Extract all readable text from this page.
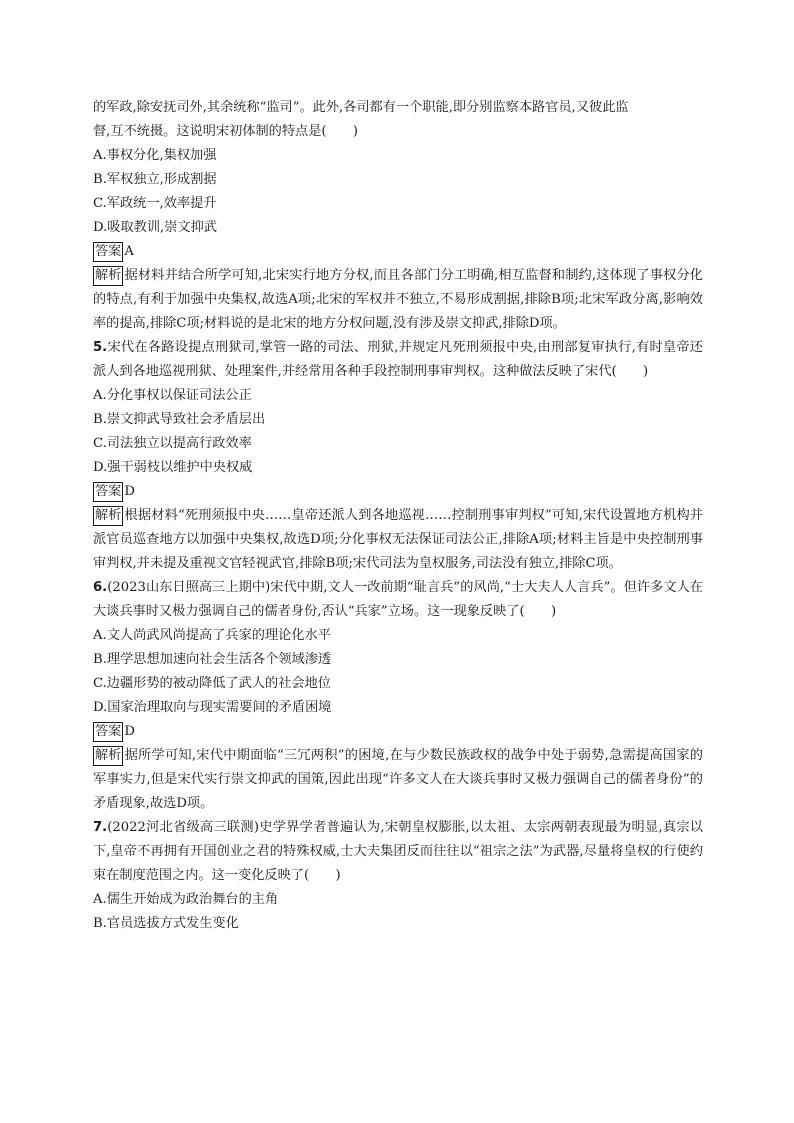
的军政,除安抚司外,其余统称“监司”。此外,各司都有一个职能,即分别监察本路官员,又彼此监

督,互不统摄。这说明宋初体制的特点是(　　)

A.事权分化,集权加强

B.军权独立,形成割据

C.军政统一,效率提升

D.吸取教训,崇文抑武

答案 A

解析 据材料并结合所学可知,北宋实行地方分权,而且各部门分工明确,相互监督和制约,这体现了事权分化的特点,有利于加强中央集权,故选A项;北宋的军权并不独立,不易形成割据,排除B项;北宋军政分离,影响效率的提高,排除C项;材料说的是北宋的地方分权问题,没有涉及崇文抑武,排除D项。

5.宋代在各路设提点刑狱司,掌管一路的司法、刑狱,并规定凡死刑须报中央,由刑部复审执行,有时皇帝还派人到各地巡视刑狱、处理案件,并经常用各种手段控制刑事审判权。这种做法反映了宋代(　　)

A.分化事权以保证司法公正

B.崇文抑武导致社会矛盾层出

C.司法独立以提高行政效率

D.强干弱枝以维护中央权威

答案 D

解析 根据材料“死刑须报中央……皇帝还派人到各地巡视……控制刑事审判权”可知,宋代设置地方机构并派官员巡查地方以加强中央集权,故选D项;分化事权无法保证司法公正,排除A项;材料主旨是中央控制刑事审判权,并未提及重视文官轻视武官,排除B项;宋代司法为皇权服务,司法没有独立,排除C项。

6.(2023山东日照高三上期中)宋代中期,文人一改前期“耻言兵”的风尚,“士大夫人人言兵”。但许多文人在大谈兵事时又极力强调自己的儒者身份,否认“兵家”立场。这一现象反映了(　　)

A.文人尚武风尚提高了兵家的理论化水平

B.理学思想加速向社会生活各个领域渗透

C.边疆形势的被动降低了武人的社会地位

D.国家治理取向与现实需要间的矛盾困境

答案 D

解析 据所学可知,宋代中期面临“三冗两积”的困境,在与少数民族政权的战争中处于弱势,急需提高国家的军事实力,但是宋代实行崇文抑武的国策,因此出现“许多文人在大谈兵事时又极力强调自己的儒者身份”的矛盾现象,故选D项。

7.(2022河北省级高三联测)史学界学者普遍认为,宋朝皇权膨胀,以太祖、太宗两朝表现最为明显,真宗以下,皇帝不再拥有开国创业之君的特殊权威,士大夫集团反而往往以“祖宗之法”为武器,尽量将皇权的行使约束在制度范围之内。这一变化反映了(　　)

A.儒生开始成为政治舞台的主角

B.官员选拔方式发生变化
